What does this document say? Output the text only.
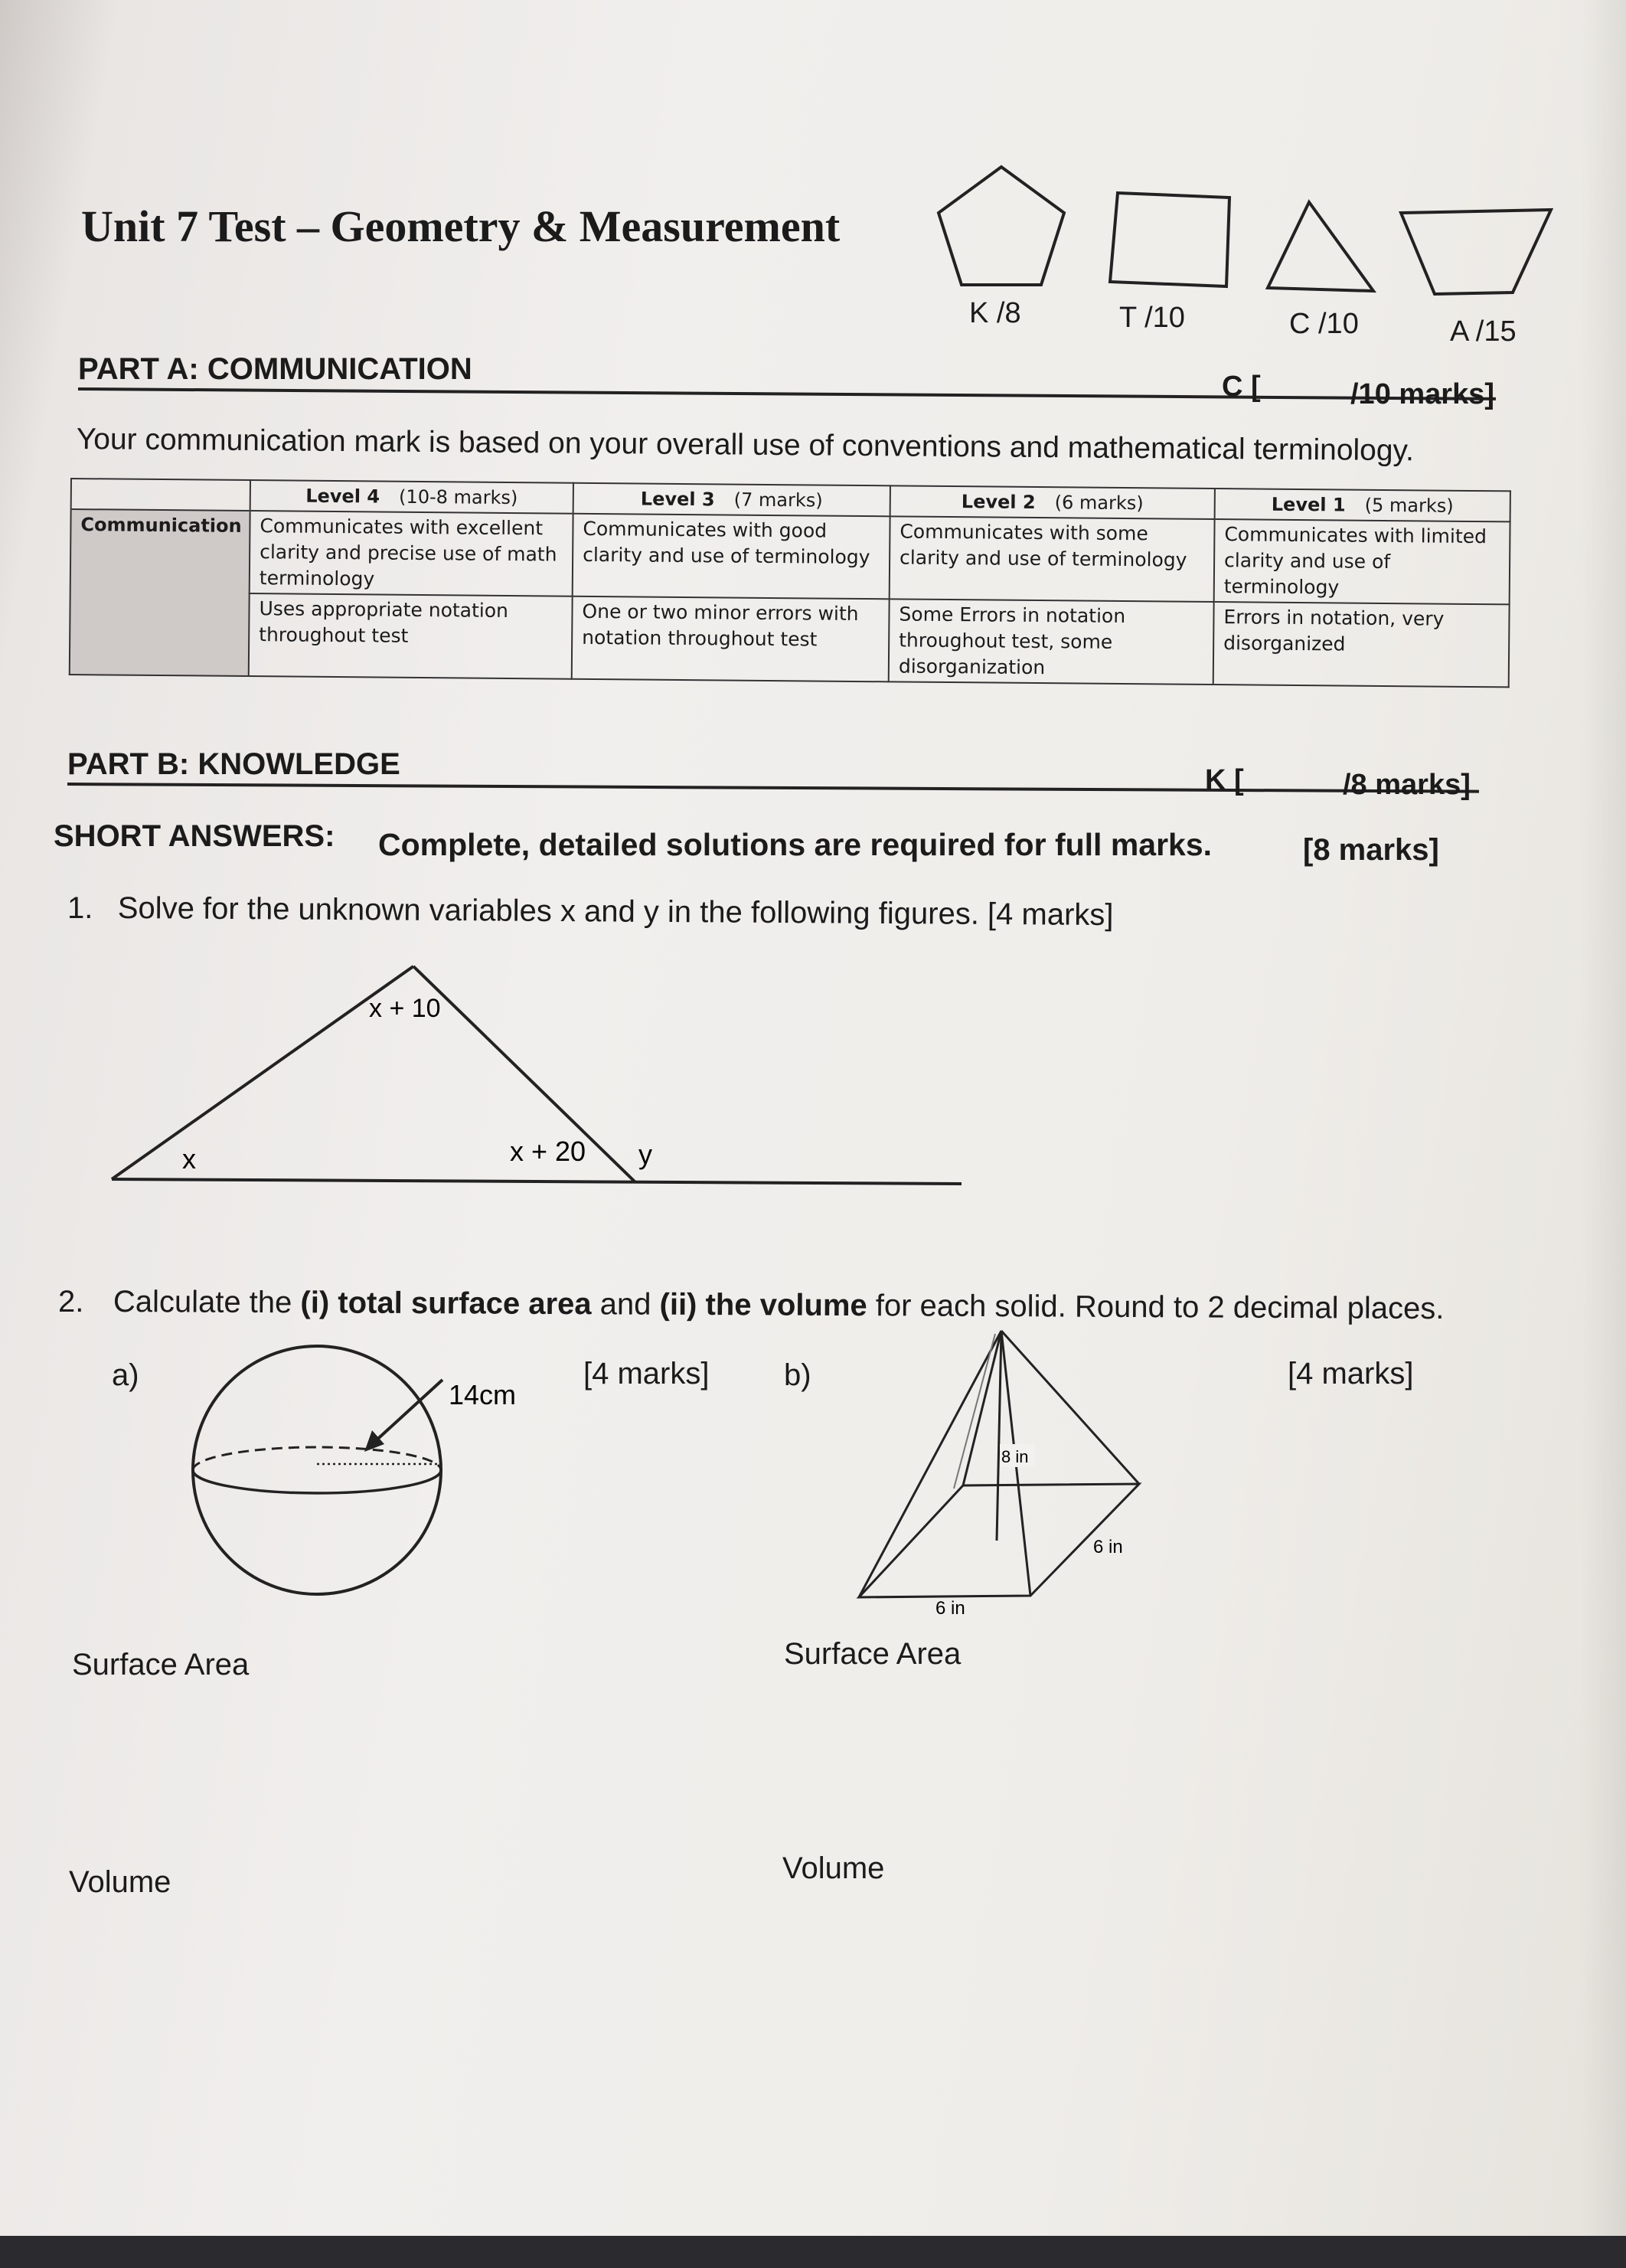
Unit 7 Test – Geometry & Measurement
K /8	T /10	C /10	A /15
PART A: COMMUNICATION
C [	/10 marks]
Your communication mark is based on your overall use of conventions and mathematical terminology.
	Level 4 (10-8 marks)	Level 3 (7 marks)	Level 2 (6 marks)	Level 1 (5 marks)
Communication	Communicates with excellent clarity and precise use of math terminology	Communicates with good clarity and use of terminology	Communicates with some clarity and use of terminology	Communicates with limited clarity and use of terminology
	Uses appropriate notation throughout test	One or two minor errors with notation throughout test	Some Errors in notation throughout test, some disorganization	Errors in notation, very disorganized
PART B: KNOWLEDGE	K [	/8 marks]
SHORT ANSWERS: Complete, detailed solutions are required for full marks.	[8 marks]
1. Solve for the unknown variables x and y in the following figures. [4 marks]
x + 10
x	x + 20 y
2. Calculate the (i) total surface area and (ii) the volume for each solid. Round to 2 decimal places.
a)	[4 marks]
14cm
Surface Area
Volume
b)	[4 marks]
8 in
6 in
6 in
Surface Area
Volume
